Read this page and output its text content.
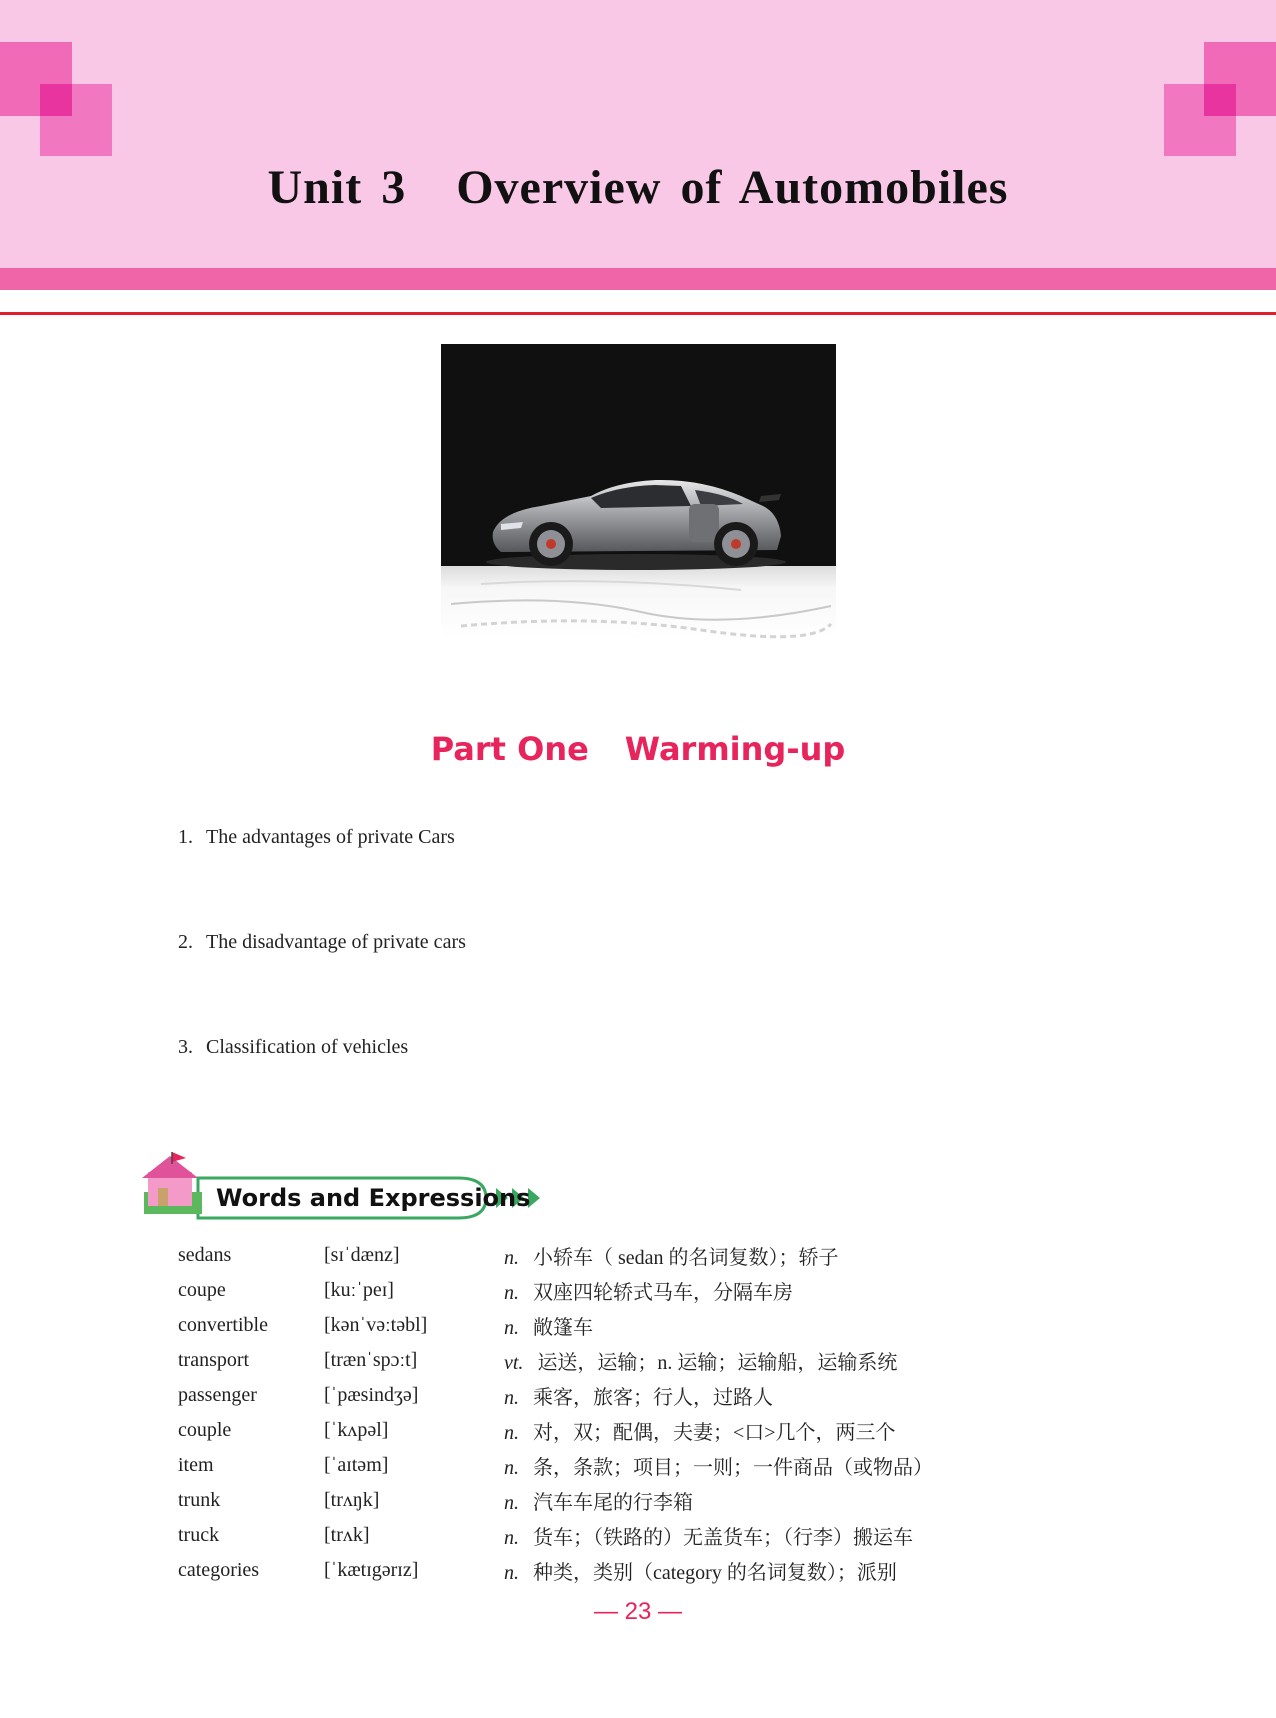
Unit 3 Overview of Automobiles
Part One Warming-up
1. The advantages of private Cars
2. The disadvantage of private cars
3. Classification of vehicles
Words and Expressions
sedans	[sɪˈdænz]	n. 小轿车（ sedan 的名词复数）；轿子
coupe	[kuːˈpeɪ]	n. 双座四轮轿式马车，分隔车房
convertible	[kənˈvəːtəbl]	n. 敞篷车
transport	[trænˈspɔːt]	vt. 运送，运输；n. 运输；运输船，运输系统
passenger	[ˈpæsindʒə]	n. 乘客，旅客；行人，过路人
couple	[ˈkʌpəl]	n. 对，双；配偶，夫妻；<口>几个，两三个
item	[ˈaɪtəm]	n. 条，条款；项目；一则；一件商品（或物品）
trunk	[trʌŋk]	n. 汽车车尾的行李箱
truck	[trʌk]	n. 货车；（铁路的）无盖货车；（行李）搬运车
categories	[ˈkætɪgərɪz]	n. 种类，类别（category 的名词复数）；派别
— 23 —
